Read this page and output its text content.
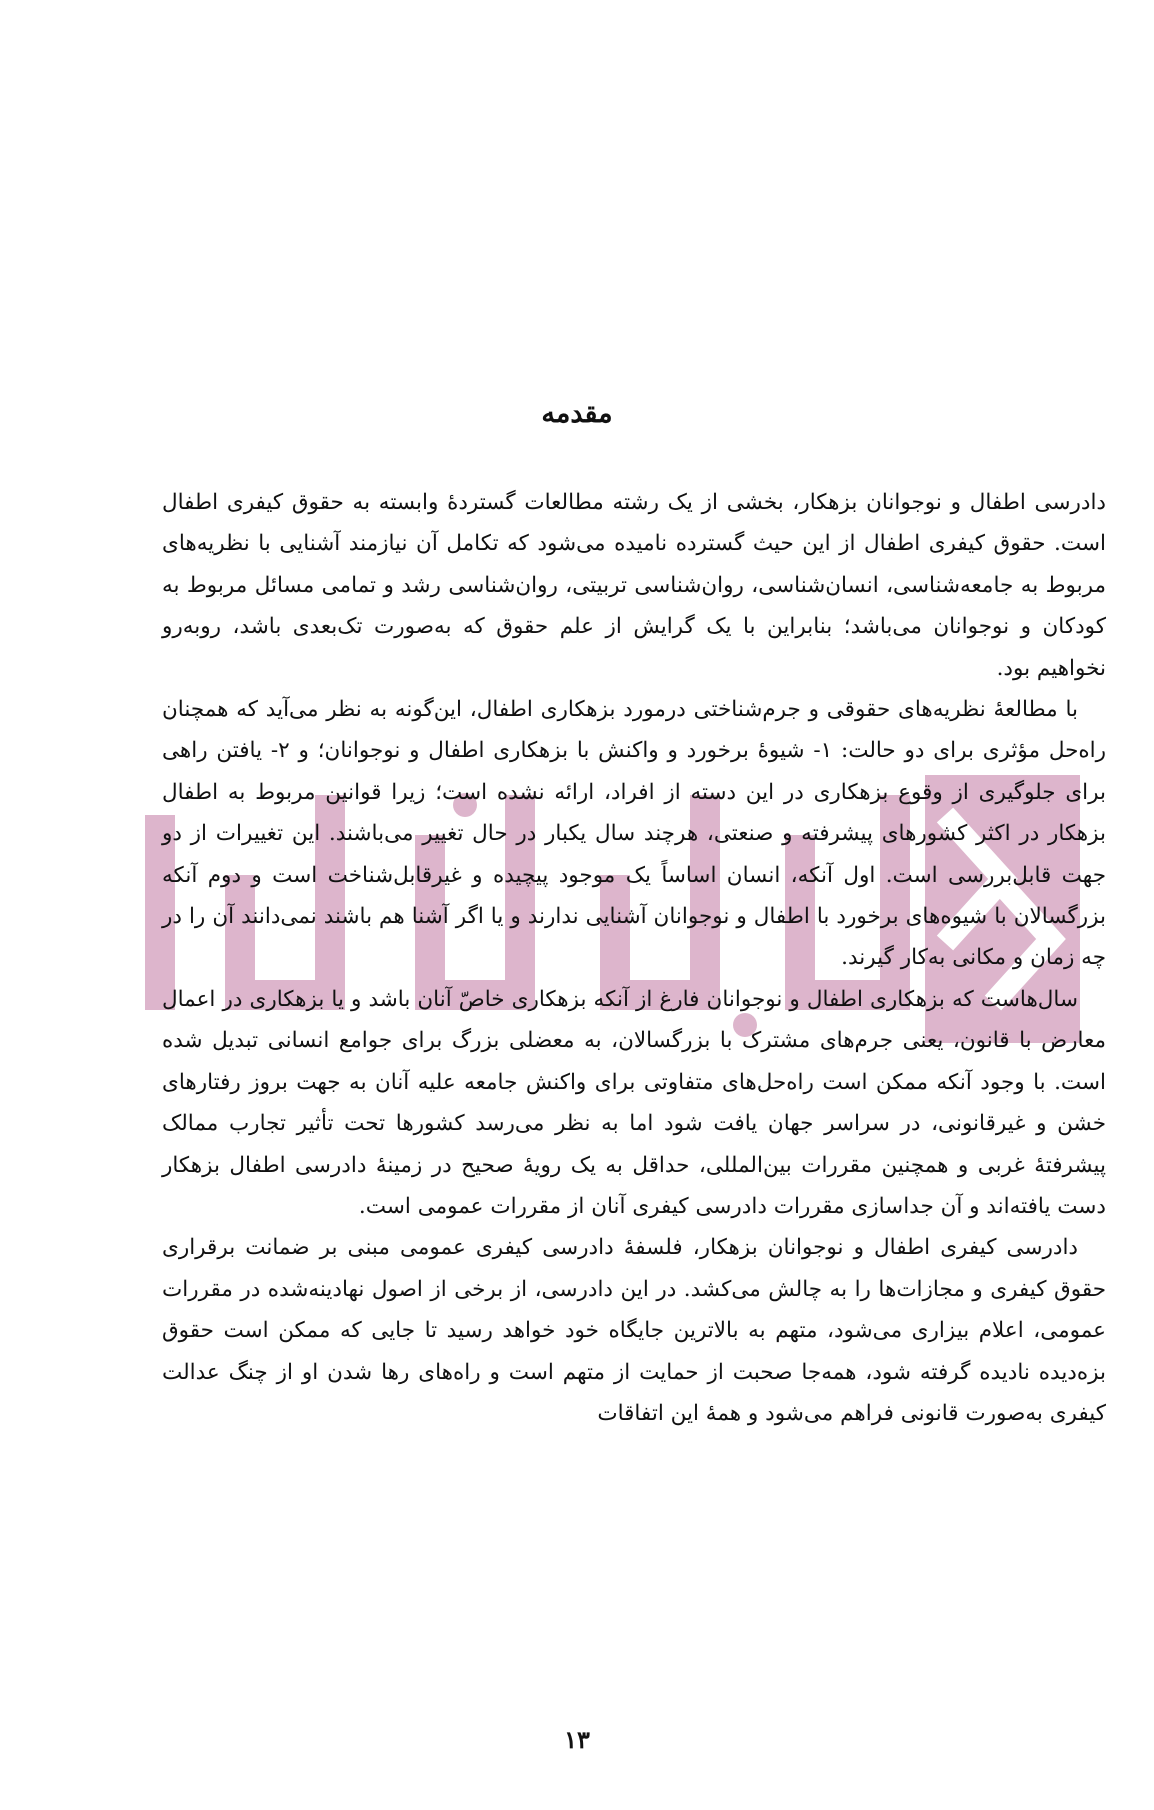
مقدمه

دادرسی اطفال و نوجوانان بزهکار، بخشی از یک رشته مطالعات گستردهٔ وابسته به حقوق کیفری اطفال است. حقوق کیفری اطفال از این حیث گسترده نامیده می‌شود که تکامل آن نیازمند آشنایی با نظریه‌های مربوط به جامعه‌شناسی، انسان‌شناسی، روان‌شناسی تربیتی، روان‌شناسی رشد و تمامی مسائل مربوط به کودکان و نوجوانان می‌باشد؛ بنابراین با یک گرایش از علم حقوق که به‌صورت تک‌بعدی باشد، روبه‌رو نخواهیم بود.

با مطالعهٔ نظریه‌های حقوقی و جرم‌شناختی درمورد بزهکاری اطفال، این‌گونه به نظر می‌آید که همچنان راه‌حل مؤثری برای دو حالت: ۱- شیوهٔ برخورد و واکنش با بزهکاری اطفال و نوجوانان؛ و ۲- یافتن راهی برای جلوگیری از وقوع بزهکاری در این دسته از افراد، ارائه نشده است؛ زیرا قوانین مربوط به اطفال بزهکار در اکثر کشورهای پیشرفته و صنعتی، هرچند سال یکبار در حال تغییر می‌باشند. این تغییرات از دو جهت قابل‌بررسی است. اول آنکه، انسان اساساً یک موجود پیچیده و غیرقابل‌شناخت است و دوم آنکه بزرگسالان با شیوه‌های برخورد با اطفال و نوجوانان آشنایی ندارند و یا اگر آشنا هم باشند نمی‌دانند آن را در چه زمان و مکانی به‌کار گیرند.

سال‌هاست که بزهکاری اطفال و نوجوانان فارغ از آنکه بزهکاری خاصّ آنان باشد و یا بزهکاری در اعمال معارض با قانون، یعنی جرم‌های مشترک با بزرگسالان، به معضلی بزرگ برای جوامع انسانی تبدیل شده است. با وجود آنکه ممکن است راه‌حل‌های متفاوتی برای واکنش جامعه علیه آنان به جهت بروز رفتارهای خشن و غیرقانونی، در سراسر جهان یافت شود اما به نظر می‌رسد کشورها تحت تأثیر تجارب ممالک پیشرفتهٔ غربی و همچنین مقررات بین‌المللی، حداقل به یک رویهٔ صحیح در زمینهٔ دادرسی اطفال بزهکار دست یافته‌اند و آن جداسازی مقررات دادرسی کیفری آنان از مقررات عمومی است.

دادرسی کیفری اطفال و نوجوانان بزهکار، فلسفهٔ دادرسی کیفری عمومی مبنی بر ضمانت برقراری حقوق کیفری و مجازات‌ها را به چالش می‌کشد. در این دادرسی، از برخی از اصول نهادینه‌شده در مقررات عمومی، اعلام بیزاری می‌شود، متهم به بالاترین جایگاه خود خواهد رسید تا جایی که ممکن است حقوق بزه‌دیده نادیده گرفته شود، همه‌جا صحبت از حمایت از متهم است و راه‌های رها شدن او از چنگ عدالت کیفری به‌صورت قانونی فراهم می‌شود و همهٔ این اتفاقات

۱۳
